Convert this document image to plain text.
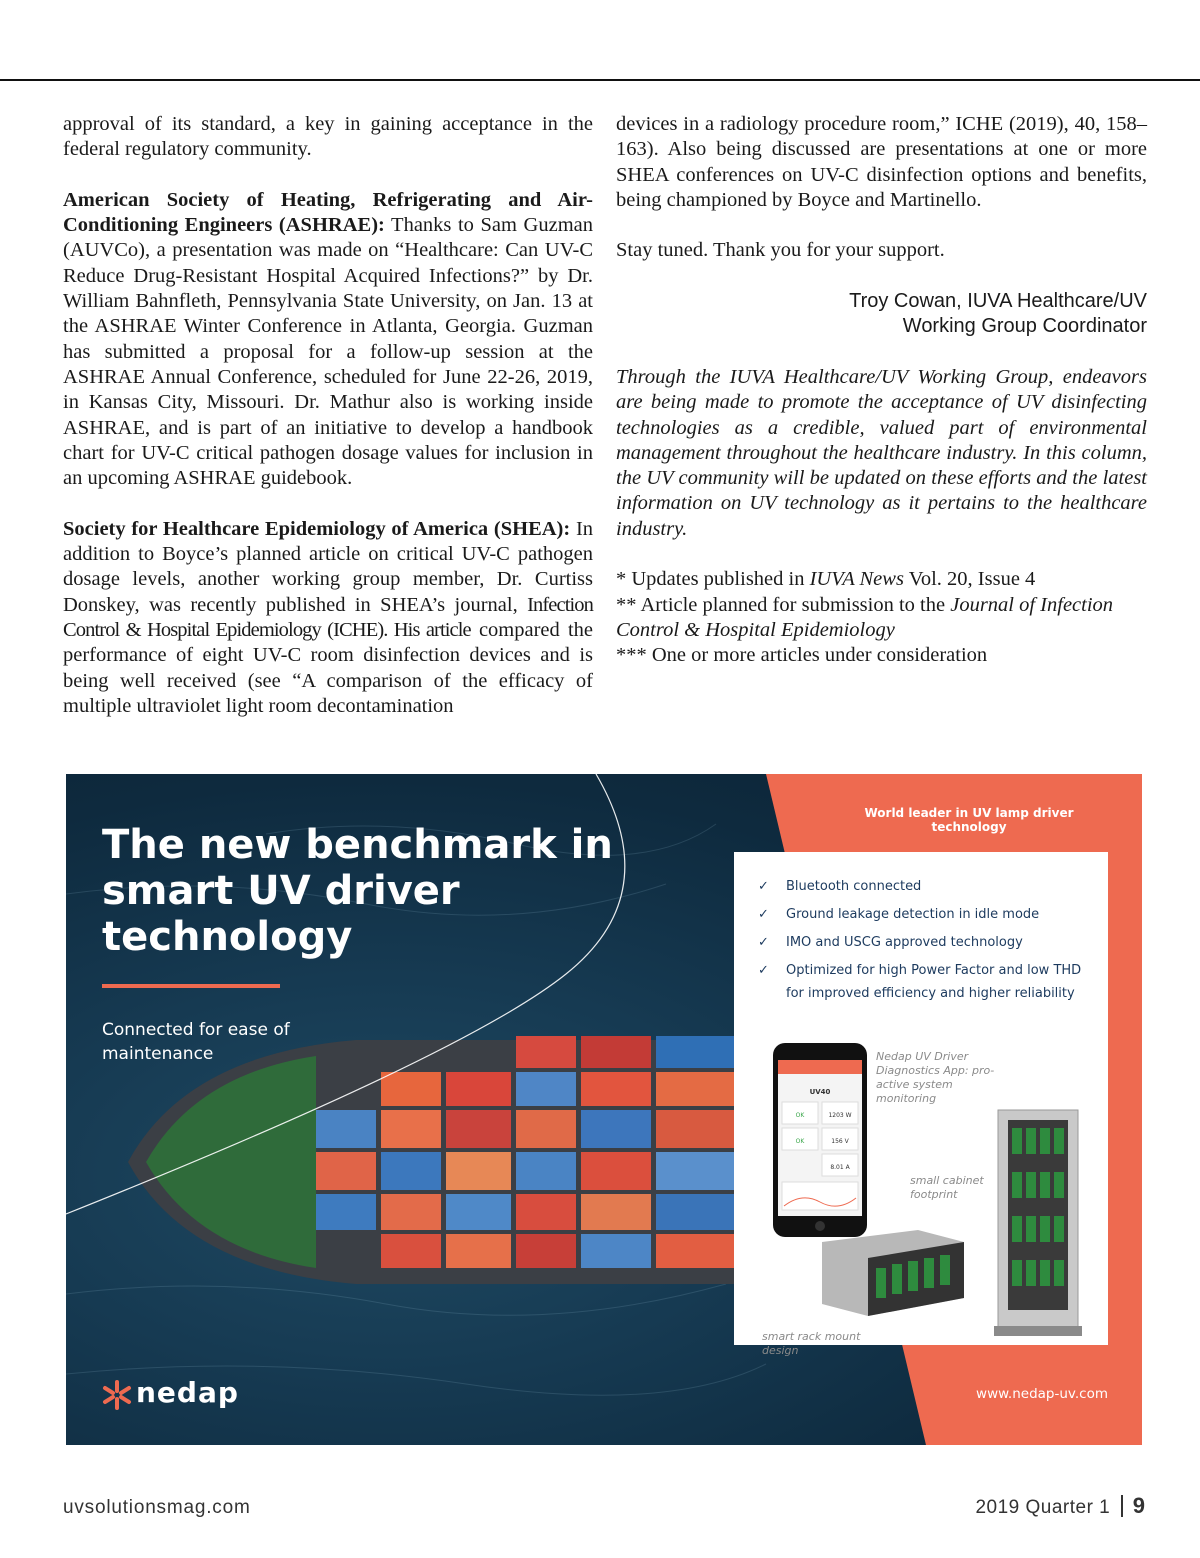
approval of its standard, a key in gaining acceptance in the federal regulatory community.

American Society of Heating, Refrigerating and Air-Conditioning Engineers (ASHRAE): Thanks to Sam Guzman (AUVCo), a presentation was made on “Healthcare: Can UV-C Reduce Drug-Resistant Hospital Acquired Infections?” by Dr. William Bahnfleth, Pennsylvania State University, on Jan. 13 at the ASHRAE Winter Conference in Atlanta, Georgia. Guzman has submitted a proposal for a follow-up session at the ASHRAE Annual Conference, scheduled for June 22-26, 2019, in Kansas City, Missouri. Dr. Mathur also is working inside ASHRAE, and is part of an initiative to develop a handbook chart for UV-C critical pathogen dosage values for inclusion in an upcoming ASHRAE guidebook.

Society for Healthcare Epidemiology of America (SHEA): In addition to Boyce’s planned article on critical UV-C pathogen dosage levels, another working group member, Dr. Curtiss Donskey, was recently published in SHEA’s journal, Infection Control & Hospital Epidemiology (ICHE). His article compared the performance of eight UV-C room disinfection devices and is being well received (see “A comparison of the efficacy of multiple ultraviolet light room decontamination

devices in a radiology procedure room,” ICHE (2019), 40, 158–163). Also being discussed are presentations at one or more SHEA conferences on UV-C disinfection options and benefits, being championed by Boyce and Martinello.

Stay tuned. Thank you for your support.

Troy Cowan, IUVA Healthcare/UV
Working Group Coordinator

Through the IUVA Healthcare/UV Working Group, endeavors are being made to promote the acceptance of UV disinfecting technologies as a credible, valued part of environmental management throughout the healthcare industry. In this column, the UV community will be updated on these efforts and the latest information on UV technology as it pertains to the healthcare industry.

* Updates published in IUVA News Vol. 20, Issue 4
** Article planned for submission to the Journal of Infection Control & Hospital Epidemiology
*** One or more articles under consideration
The new benchmark in smart UV driver technology
Connected for ease of maintenance
World leader in UV lamp driver technology
✓ Bluetooth connected
✓ Ground leakage detection in idle mode
✓ IMO and USCG approved technology
✓ Optimized for high Power Factor and low THD for improved efficiency and higher reliability
UV40
OK
OK
1203 W
156 V
8.01 A
Nedap UV Driver Diagnostics App: pro-active system monitoring
small cabinet footprint
smart rack mount design
nedap	www.nedap-uv.com
uvsolutionsmag.com	2019 Quarter 1 9
